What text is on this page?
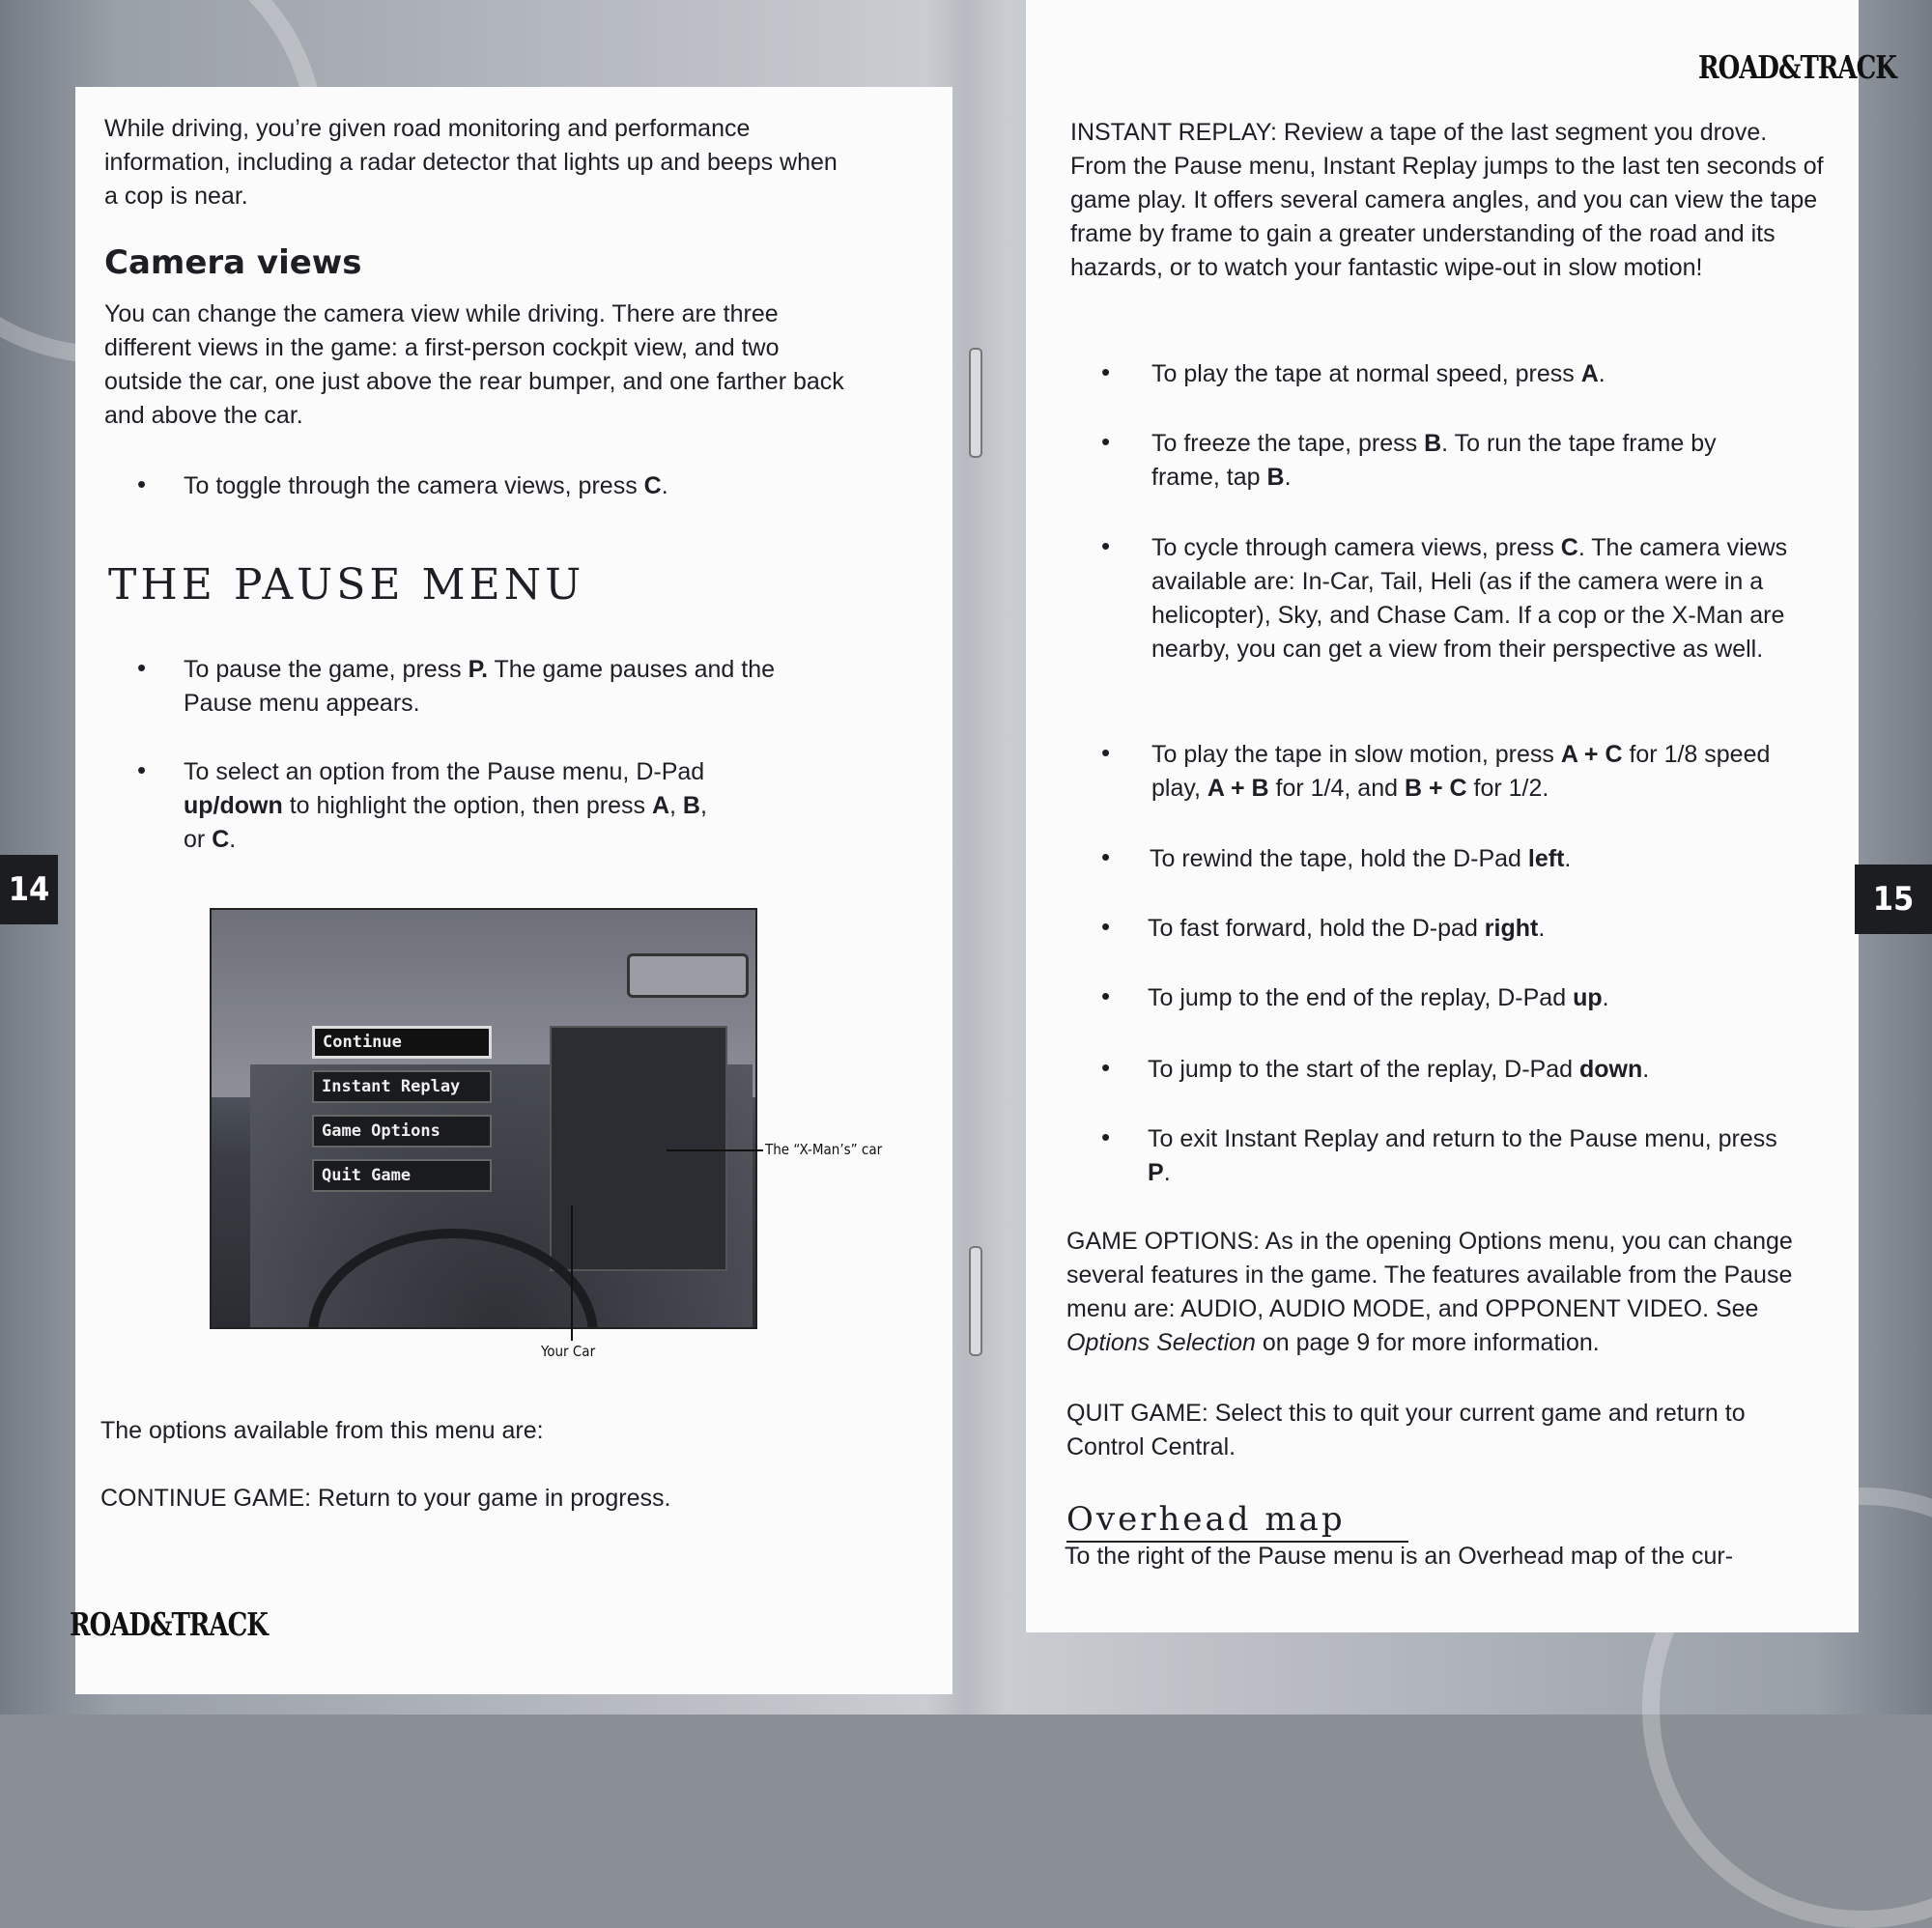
14
ROAD&TRACK
While driving, you’re given road monitoring and performance information, including a radar detector that lights up and beeps when a cop is near.
Camera views
You can change the camera view while driving. There are three different views in the game: a first-person cockpit view, and two outside the car, one just above the rear bumper, and one farther back and above the car.
• To toggle through the camera views, press C.
THE PAUSE MENU
• To pause the game, press P. The game pauses and the Pause menu appears.
• To select an option from the Pause menu, D-Pad up/down to highlight the option, then press A, B, or C.
Continue
Instant Replay
Game Options
Quit Game
The “X-Man’s” car
Your Car
The options available from this menu are:
CONTINUE GAME: Return to your game in progress.
ROAD&TRACK
15
INSTANT REPLAY: Review a tape of the last segment you drove. From the Pause menu, Instant Replay jumps to the last ten seconds of game play. It offers several camera angles, and you can view the tape frame by frame to gain a greater understanding of the road and its hazards, or to watch your fantastic wipe-out in slow motion!
• To play the tape at normal speed, press A.
• To freeze the tape, press B. To run the tape frame by frame, tap B.
• To cycle through camera views, press C. The camera views available are: In-Car, Tail, Heli (as if the camera were in a helicopter), Sky, and Chase Cam. If a cop or the X-Man are nearby, you can get a view from their perspective as well.
• To play the tape in slow motion, press A + C for 1/8 speed play, A + B for 1/4, and B + C for 1/2.
• To rewind the tape, hold the D-Pad left.
• To fast forward, hold the D-pad right.
• To jump to the end of the replay, D-Pad up.
• To jump to the start of the replay, D-Pad down.
• To exit Instant Replay and return to the Pause menu, press P.
GAME OPTIONS: As in the opening Options menu, you can change several features in the game. The features available from the Pause menu are: AUDIO, AUDIO MODE, and OPPONENT VIDEO. See Options Selection on page 9 for more information.
QUIT GAME: Select this to quit your current game and return to Control Central.
Overhead map
To the right of the Pause menu is an Overhead map of the cur-
